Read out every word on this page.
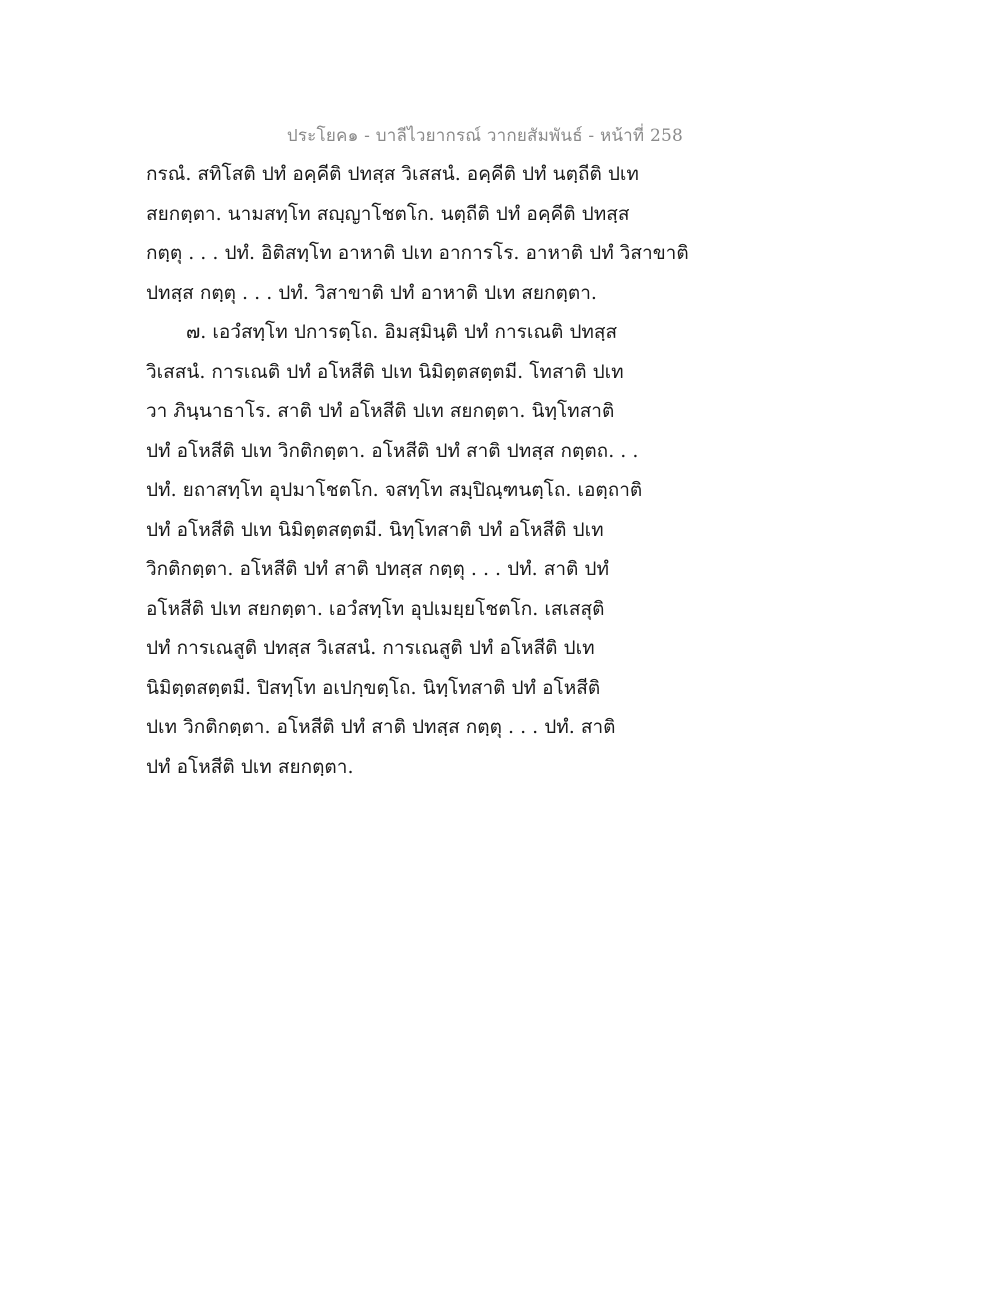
ประโยค๑ - บาลีไวยากรณ์ วากยสัมพันธ์ - หน้าที่ 258
กรณํ. สทิโสติ ปทํ อคฺคีติ ปทสฺส วิเสสนํ. อคฺคีติ ปทํ นตฺถีติ ปเท
สยกตฺตา. นามสทฺโท สญฺญาโชตโก. นตฺถีติ ปทํ อคฺคีติ ปทสฺส
กตฺตุ . . . ปทํ. อิติสทฺโท อาหาติ ปเท อาการโร. อาหาติ ปทํ วิสาขาติ
ปทสฺส กตฺตุ . . . ปทํ. วิสาขาติ ปทํ อาหาติ ปเท สยกตฺตา.
๗. เอวํสทฺโท ปการตฺโถ. อิมสฺมินฺติ ปทํ การเณติ ปทสฺส
วิเสสนํ. การเณติ ปทํ อโหสีติ ปเท นิมิตฺตสตฺตมี. โทสาติ ปเท
วา ภินฺนาธาโร. สาติ ปทํ อโหสีติ ปเท สยกตฺตา. นิทฺโทสาติ
ปทํ อโหสีติ ปเท วิกติกตฺตา. อโหสีติ ปทํ สาติ ปทสฺส กตฺตถ. . .
ปทํ. ยถาสทฺโท อุปมาโชตโก. จสทฺโท สมฺปิณฺฑนตฺโถ. เอตฺถาติ
ปทํ อโหสีติ ปเท นิมิตฺตสตฺตมี. นิทฺโทสาติ ปทํ อโหสีติ ปเท
วิกติกตฺตา. อโหสีติ ปทํ สาติ ปทสฺส กตฺตุ . . . ปทํ. สาติ ปทํ
อโหสีติ ปเท สยกตฺตา. เอวํสทฺโท อุปเมยฺยโชตโก. เสเสสุติ
ปทํ การเณสูติ ปทสฺส วิเสสนํ. การเณสูติ ปทํ อโหสีติ ปเท
นิมิตฺตสตฺตมี. ปิสทฺโท อเปกฺขตฺโถ. นิทฺโทสาติ ปทํ อโหสีติ
ปเท วิกติกตฺตา. อโหสีติ ปทํ สาติ ปทสฺส กตฺตุ . . . ปทํ. สาติ
ปทํ อโหสีติ ปเท สยกตฺตา.
